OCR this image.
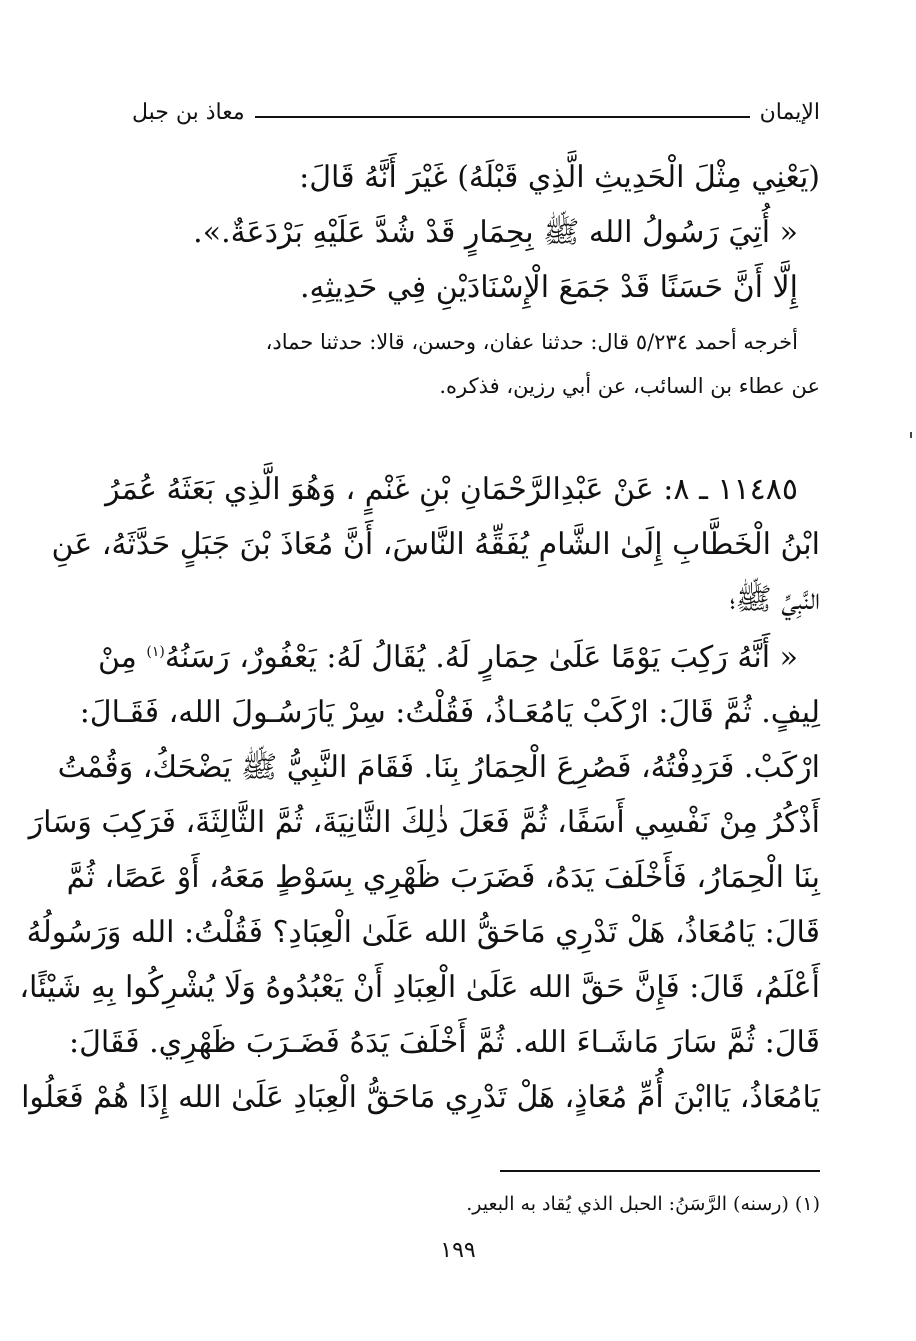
الإيمان
معاذ بن جبل
(يَعْنِي مِثْلَ الْحَدِيثِ الَّذِي قَبْلَهُ) غَيْرَ أَنَّهُ قَالَ:
« أُتِيَ رَسُولُ الله ﷺ بِحِمَارٍ قَدْ شُدَّ عَلَيْهِ بَرْدَعَةٌ.».
إِلَّا أَنَّ حَسَنًا قَدْ جَمَعَ الْإِسْنَادَيْنِ فِي حَدِيثِهِ.
أخرجه أحمد ٥/٢٣٤ قال: حدثنا عفان، وحسن، قالا: حدثنا حماد،
عن عطاء بن السائب، عن أبي رزين، فذكره.
١١٤٨٥ ـ ٨: عَنْ عَبْدِالرَّحْمَانِ بْنِ غَنْمٍ ، وَهُوَ الَّذِي بَعَثَهُ عُمَرُ
ابْنُ الْخَطَّابِ إِلَىٰ الشَّامِ يُفَقِّهُ النَّاسَ، أَنَّ مُعَاذَ بْنَ جَبَلٍ حَدَّثَهُ، عَنِ
النَّبِيِّ ﷺ؛
« أَنَّهُ رَكِبَ يَوْمًا عَلَىٰ حِمَارٍ لَهُ. يُقَالُ لَهُ: يَعْفُورٌ، رَسَنُهُ$^{(١)}$ مِنْ
لِيفٍ. ثُمَّ قَالَ: ارْكَبْ يَامُعَـاذُ، فَقُلْتُ: سِرْ يَارَسُـولَ الله، فَقَـالَ:
ارْكَبْ. فَرَدِفْتُهُ، فَصُرِعَ الْحِمَارُ بِنَا. فَقَامَ النَّبِيُّ ﷺ يَضْحَكُ، وَقُمْتُ
أَذْكُرُ مِنْ نَفْسِي أَسَفًا، ثُمَّ فَعَلَ ذٰلِكَ الثَّانِيَةَ، ثُمَّ الثَّالِثَةَ، فَرَكِبَ وَسَارَ
بِنَا الْحِمَارُ، فَأَخْلَفَ يَدَهُ، فَضَرَبَ ظَهْرِي بِسَوْطٍ مَعَهُ، أَوْ عَصًا، ثُمَّ
قَالَ: يَامُعَاذُ، هَلْ تَدْرِي مَاحَقُّ الله عَلَىٰ الْعِبَادِ؟ فَقُلْتُ: الله وَرَسُولُهُ
أَعْلَمُ، قَالَ: فَإِنَّ حَقَّ الله عَلَىٰ الْعِبَادِ أَنْ يَعْبُدُوهُ وَلَا يُشْرِكُوا بِهِ شَيْئًا،
قَالَ: ثُمَّ سَارَ مَاشَـاءَ الله. ثُمَّ أَخْلَفَ يَدَهُ فَضَـرَبَ ظَهْرِي. فَقَالَ:
يَامُعَاذُ، يَاابْنَ أُمِّ مُعَاذٍ، هَلْ تَدْرِي مَاحَقُّ الْعِبَادِ عَلَىٰ الله إِذَا هُمْ فَعَلُوا
(١) (رسنه) الرَّسَنُ: الحبل الذي يُقاد به البعير.
١٩٩
